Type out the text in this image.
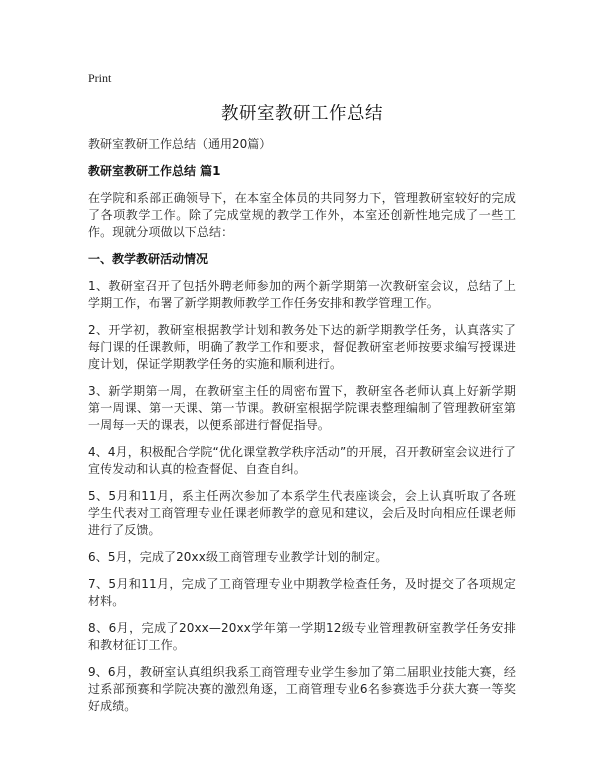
Print

教研室教研工作总结

教研室教研工作总结（通用20篇）

教研室教研工作总结 篇1

在学院和系部正确领导下，在本室全体员的共同努力下，管理教研室较好的完成了各项教学工作。除了完成堂规的教学工作外，本室还创新性地完成了一些工作。现就分项做以下总结：

一、教学教研活动情况

1、教研室召开了包括外聘老师参加的两个新学期第一次教研室会议，总结了上学期工作，布署了新学期教师教学工作任务安排和教学管理工作。

2、开学初，教研室根据教学计划和教务处下达的新学期教学任务，认真落实了每门课的任课教师，明确了教学工作和要求，督促教研室老师按要求编写授课进度计划，保证学期教学任务的实施和顺利进行。

3、新学期第一周，在教研室主任的周密布置下，教研室各老师认真上好新学期第一周课、第一天课、第一节课。教研室根据学院课表整理编制了管理教研室第一周每一天的课表，以便系部进行督促指导。

4、4月，积极配合学院“优化课堂教学秩序活动”的开展，召开教研室会议进行了宣传发动和认真的检查督促、自查自纠。

5、5月和11月，系主任两次参加了本系学生代表座谈会，会上认真听取了各班学生代表对工商管理专业任课老师教学的意见和建议，会后及时向相应任课老师进行了反馈。

6、5月，完成了20xx级工商管理专业教学计划的制定。

7、5月和11月，完成了工商管理专业中期教学检查任务，及时提交了各项规定材料。

8、6月，完成了20xx—20xx学年第一学期12级专业管理教研室教学任务安排和教材征订工作。

9、6月，教研室认真组织我系工商管理专业学生参加了第二届职业技能大赛，经过系部预赛和学院决赛的激烈角逐，工商管理专业6名参赛选手分获大赛一等奖好成绩。
